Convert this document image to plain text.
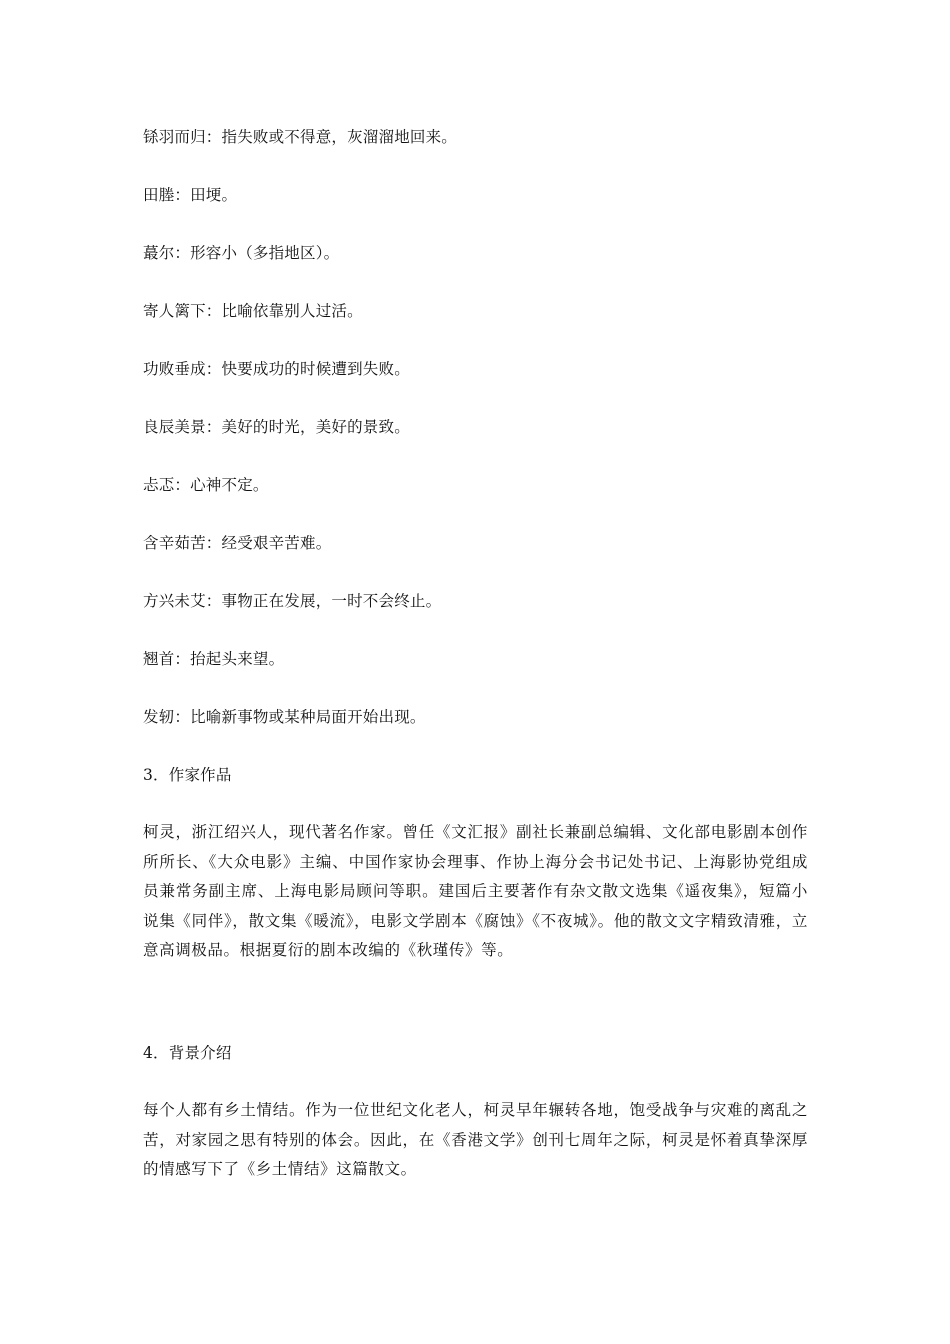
铩羽而归：指失败或不得意，灰溜溜地回来。
田塍：田埂。
蕞尔：形容小（多指地区）。
寄人篱下：比喻依靠别人过活。
功败垂成：快要成功的时候遭到失败。
良辰美景：美好的时光，美好的景致。
忐忑：心神不定。
含辛茹苦：经受艰辛苦难。
方兴未艾：事物正在发展，一时不会终止。
翘首：抬起头来望。
发轫：比喻新事物或某种局面开始出现。
3．作家作品
柯灵，浙江绍兴人，现代著名作家。曾任《文汇报》副社长兼副总编辑、文化部电影剧本创作所所长、《大众电影》主编、中国作家协会理事、作协上海分会书记处书记、上海影协党组成员兼常务副主席、上海电影局顾问等职。建国后主要著作有杂文散文选集《遥夜集》，短篇小说集《同伴》，散文集《暖流》，电影文学剧本《腐蚀》《不夜城》。他的散文文字精致清雅，立意高调极品。根据夏衍的剧本改编的《秋瑾传》等。
4．背景介绍
每个人都有乡土情结。作为一位世纪文化老人，柯灵早年辗转各地，饱受战争与灾难的离乱之苦，对家园之思有特别的体会。因此，在《香港文学》创刊七周年之际，柯灵是怀着真挚深厚的情感写下了《乡土情结》这篇散文。
